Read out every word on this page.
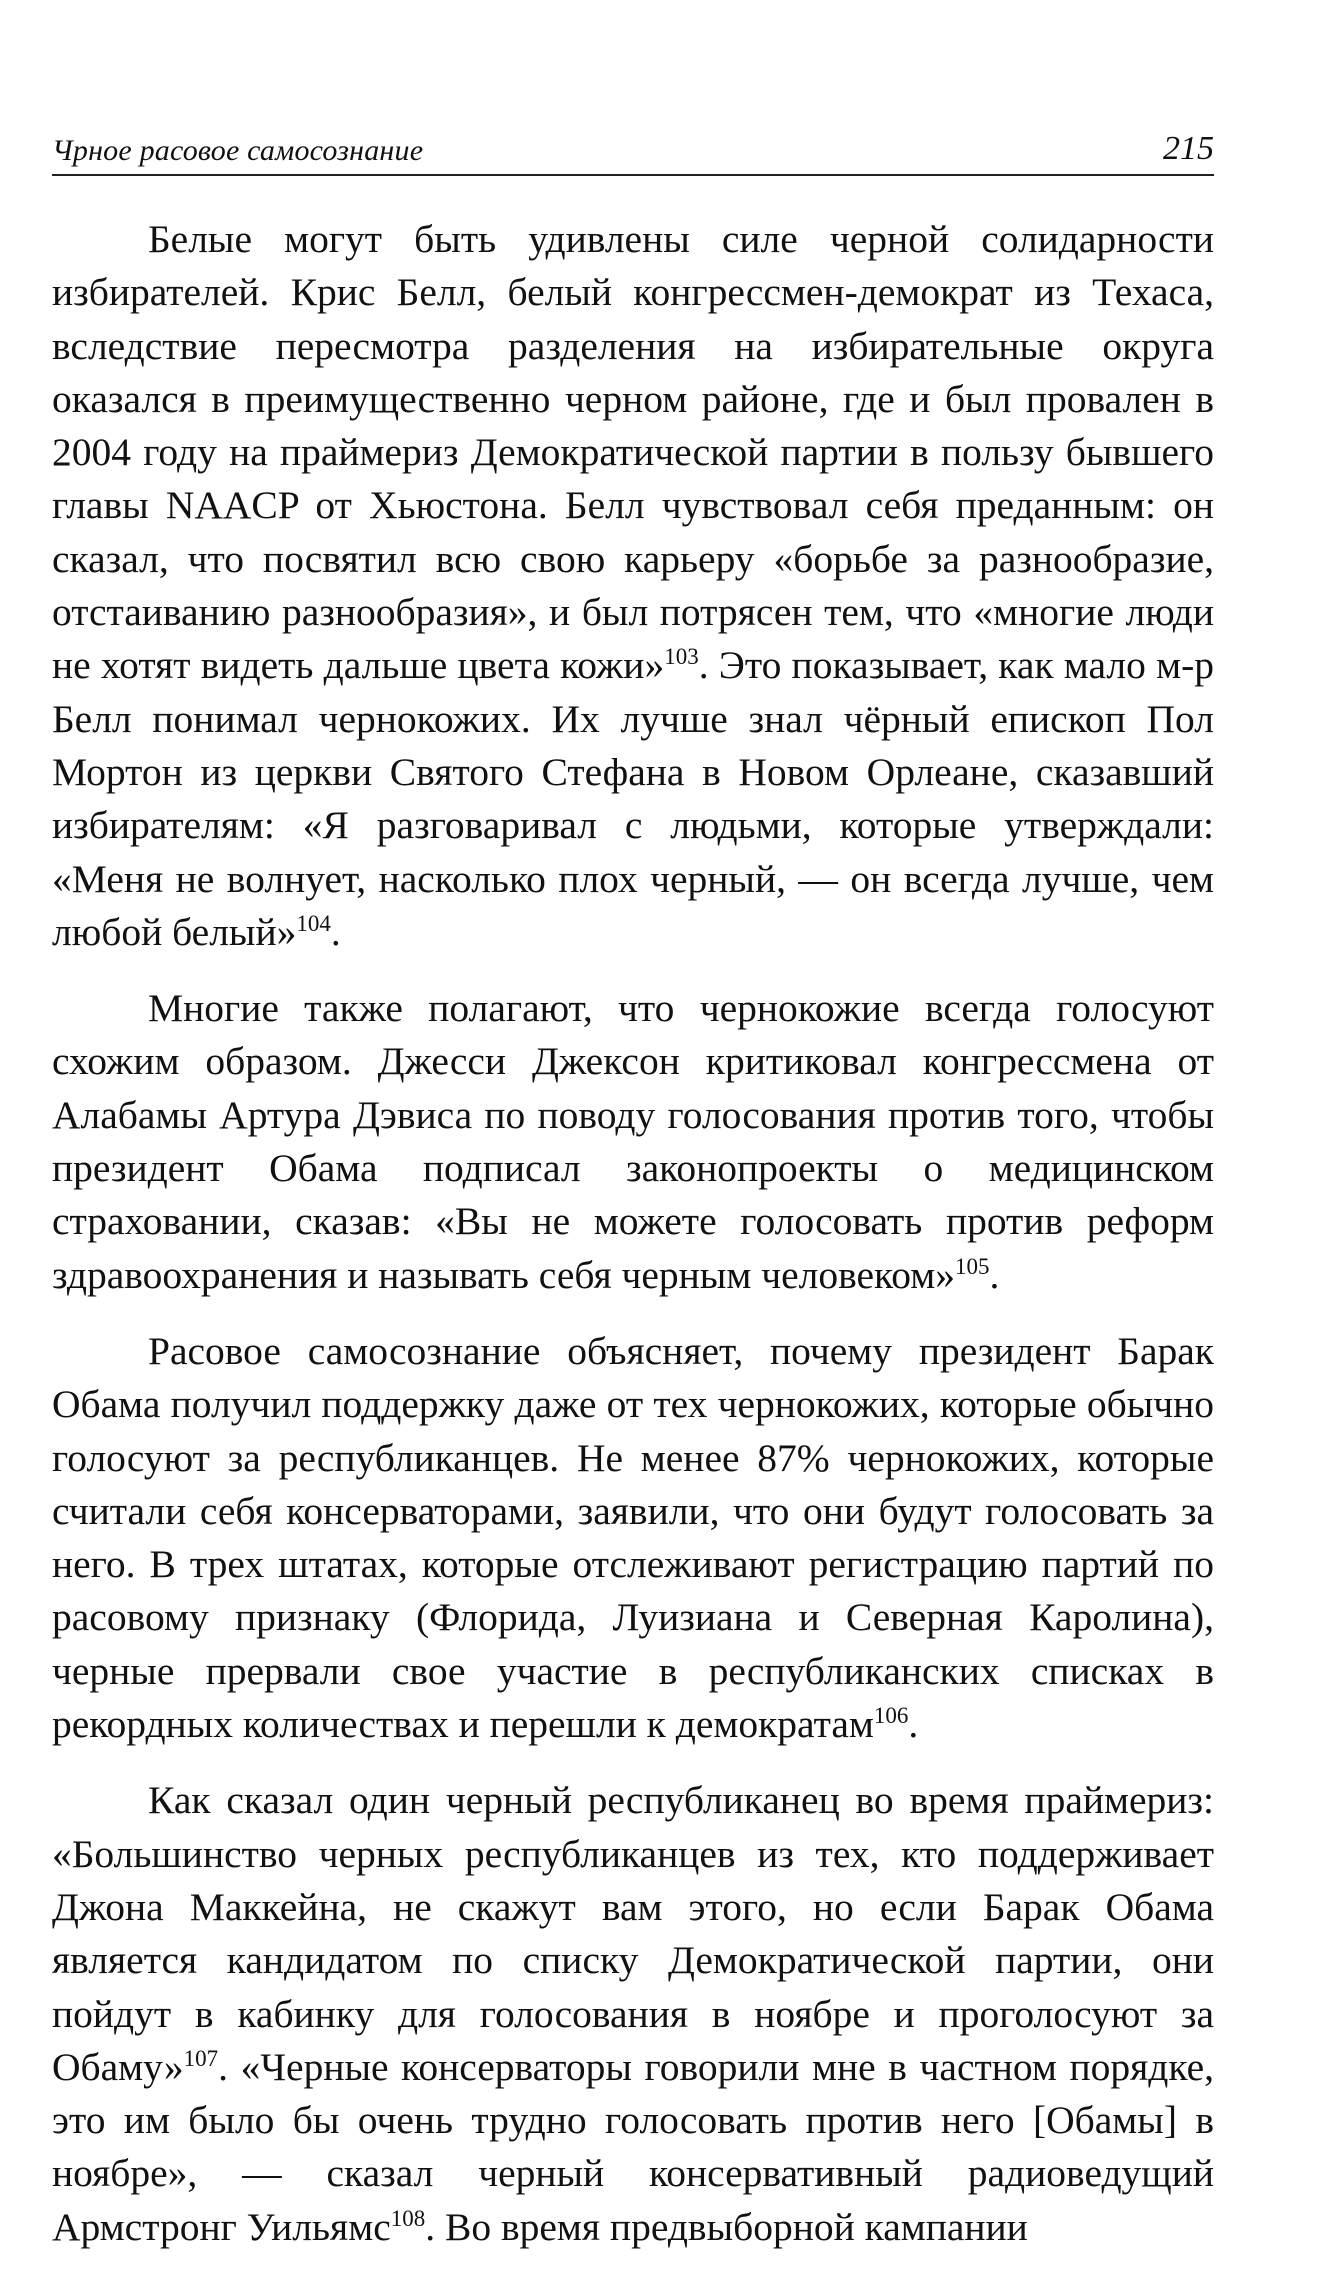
Чрное расовое самосознание	215

Белые могут быть удивлены силе черной солидарности избирателей. Крис Белл, белый конгрессмен-демократ из Техаса, вследствие пересмотра разделения на избирательные округа оказался в преимущественно черном районе, где и был провален в 2004 году на праймериз Демократической партии в пользу бывшего главы NAACP от Хьюстона. Белл чувствовал себя преданным: он сказал, что посвятил всю свою карьеру «борьбе за разнообразие, отстаиванию разнообразия», и был потрясен тем, что «многие люди не хотят видеть дальше цвета кожи»$^{103}$. Это показывает, как мало м-р Белл понимал чернокожих. Их лучше знал чёрный епископ Пол Мортон из церкви Святого Стефана в Новом Орлеане, сказавший избирателям: «Я разговаривал с людьми, которые утверждали: «Меня не волнует, насколько плох черный, — он всегда лучше, чем любой белый»$^{104}$.

Многие также полагают, что чернокожие всегда голосуют схожим образом. Джесси Джексон критиковал конгрессмена от Алабамы Артура Дэвиса по поводу голосования против того, чтобы президент Обама подписал законопроекты о медицинском страховании, сказав: «Вы не можете голосовать против реформ здравоохранения и называть себя черным человеком»$^{105}$.

Расовое самосознание объясняет, почему президент Барак Обама получил поддержку даже от тех чернокожих, которые обычно голосуют за республиканцев. Не менее 87% чернокожих, которые считали себя консерваторами, заявили, что они будут голосовать за него. В трех штатах, которые отслеживают регистрацию партий по расовому признаку (Флорида, Луизиана и Северная Каролина), черные прервали свое участие в республиканских списках в рекордных количествах и перешли к демократам$^{106}$.

Как сказал один черный республиканец во время праймериз: «Большинство черных республиканцев из тех, кто поддерживает Джона Маккейна, не скажут вам этого, но если Барак Обама является кандидатом по списку Демократической партии, они пойдут в кабинку для голосования в ноябре и проголосуют за Обаму»$^{107}$. «Черные консерваторы говорили мне в частном порядке, это им было бы очень трудно голосовать против него [Обамы] в ноябре», — сказал черный консервативный радиоведущий Армстронг Уильямс$^{108}$. Во время предвыборной кампании
